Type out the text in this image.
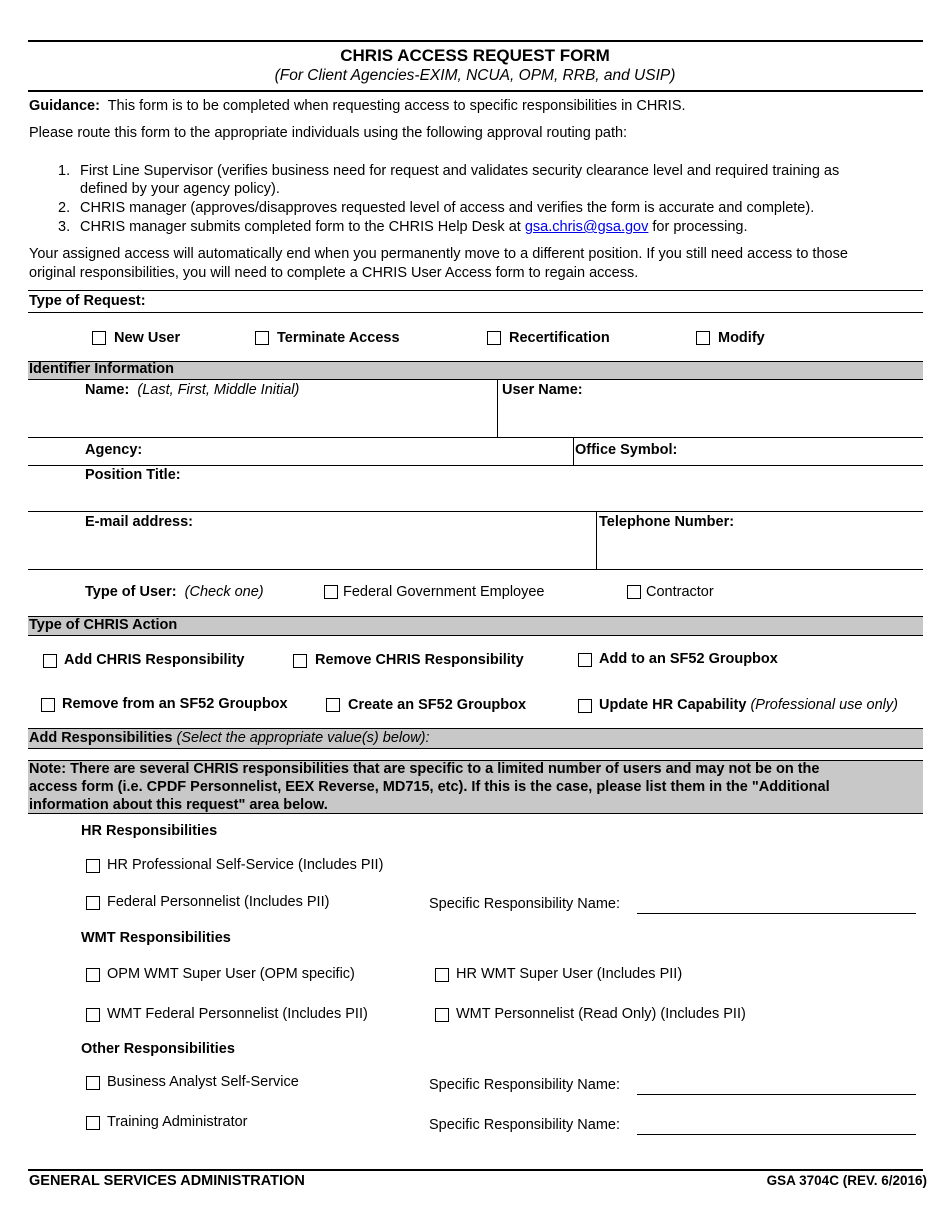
CHRIS ACCESS REQUEST FORM
(For Client Agencies-EXIM, NCUA, OPM, RRB, and USIP)
Guidance: This form is to be completed when requesting access to specific responsibilities in CHRIS.
Please route this form to the appropriate individuals using the following approval routing path:
1. First Line Supervisor (verifies business need for request and validates security clearance level and required training as
defined by your agency policy).
2. CHRIS manager (approves/disapproves requested level of access and verifies the form is accurate and complete).
3. CHRIS manager submits completed form to the CHRIS Help Desk at gsa.chris@gsa.gov for processing.
Your assigned access will automatically end when you permanently move to a different position. If you still need access to those
original responsibilities, you will need to complete a CHRIS User Access form to regain access.
Type of Request:
New User	Terminate Access	Recertification	Modify
Identifier Information
Name: (Last, First, Middle Initial)	User Name:
Agency:	Office Symbol:
Position Title:
E-mail address:	Telephone Number:
Type of User: (Check one)	Federal Government Employee	Contractor
Type of CHRIS Action
Add CHRIS Responsibility	Remove CHRIS Responsibility	Add to an SF52 Groupbox
Remove from an SF52 Groupbox	Create an SF52 Groupbox	Update HR Capability (Professional use only)
Add Responsibilities (Select the appropriate value(s) below):
Note: There are several CHRIS responsibilities that are specific to a limited number of users and may not be on the
access form (i.e. CPDF Personnelist, EEX Reverse, MD715, etc). If this is the case, please list them in the "Additional
information about this request" area below.
HR Responsibilities
HR Professional Self-Service (Includes PII)
Federal Personnelist (Includes PII)	Specific Responsibility Name:
WMT Responsibilities
OPM WMT Super User (OPM specific)	HR WMT Super User (Includes PII)
WMT Federal Personnelist (Includes PII)	WMT Personnelist (Read Only) (Includes PII)
Other Responsibilities
Business Analyst Self-Service	Specific Responsibility Name:
Training Administrator	Specific Responsibility Name:
GENERAL SERVICES ADMINISTRATION	GSA 3704C (REV. 6/2016)
